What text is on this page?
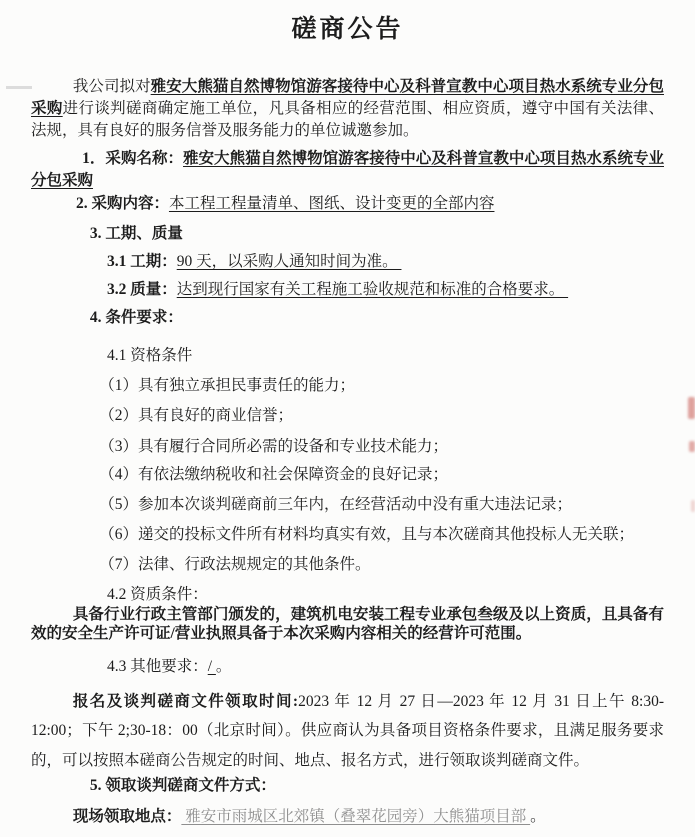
磋商公告

我公司拟对雅安大熊猫自然博物馆游客接待中心及科普宣教中心项目热水系统专业分包采购进行谈判磋商确定施工单位，凡具备相应的经营范围、相应资质，遵守中国有关法律、法规，具有良好的服务信誉及服务能力的单位诚邀参加。

1．采购名称：雅安大熊猫自然博物馆游客接待中心及科普宣教中心项目热水系统专业分包采购

2. 采购内容：本工程工程量清单、图纸、设计变更的全部内容

3. 工期、质量

3.1 工期：90 天，以采购人通知时间为准。

3.2 质量：达到现行国家有关工程施工验收规范和标准的合格要求。

4. 条件要求：

4.1 资格条件

（1）具有独立承担民事责任的能力；

（2）具有良好的商业信誉；

（3）具有履行合同所必需的设备和专业技术能力；

（4）有依法缴纳税收和社会保障资金的良好记录；

（5）参加本次谈判磋商前三年内，在经营活动中没有重大违法记录；

（6）递交的投标文件所有材料均真实有效，且与本次磋商其他投标人无关联；

（7）法律、行政法规规定的其他条件。

4.2 资质条件：

具备行业行政主管部门颁发的，建筑机电安装工程专业承包叁级及以上资质，且具备有效的安全生产许可证/营业执照具备于本次采购内容相关的经营许可范围。

4.3 其他要求：/ 。

报名及谈判磋商文件领取时间:2023 年 12 月 27 日—2023 年 12 月 31 日上午 8:30-12:00；下午 2;30-18：00（北京时间）。供应商认为具备项目资格条件要求，且满足服务要求的，可以按照本磋商公告规定的时间、地点、报名方式，进行领取谈判磋商文件。

5. 领取谈判磋商文件方式：

现场领取地点： 雅安市雨城区北郊镇（叠翠花园旁）大熊猫项目部 。
